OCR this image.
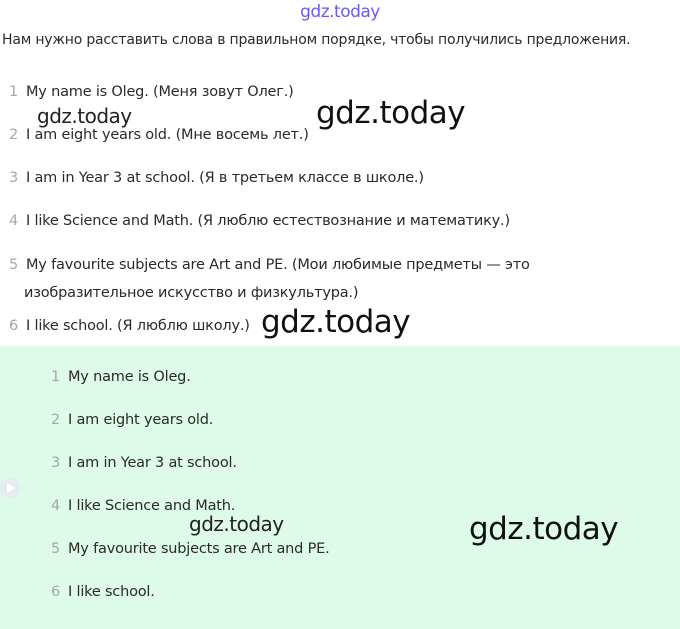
gdz.today
Нам нужно расставить слова в правильном порядке, чтобы получились предложения.
1 My name is Oleg. (Меня зовут Олег.)
2 I am eight years old. (Мне восемь лет.)
3 I am in Year 3 at school. (Я в третьем классе в школе.)
4 I like Science and Math. (Я люблю естествознание и математику.)
5 My favourite subjects are Art and PE. (Мои любимые предметы — это
изобразительное искусство и физкультура.)
6 I like school. (Я люблю школу.)
1 My name is Oleg.
2 I am eight years old.
3 I am in Year 3 at school.
4 I like Science and Math.
5 My favourite subjects are Art and PE.
6 I like school.
gdz.today	gdz.today
gdz.today
gdz.today	gdz.today
